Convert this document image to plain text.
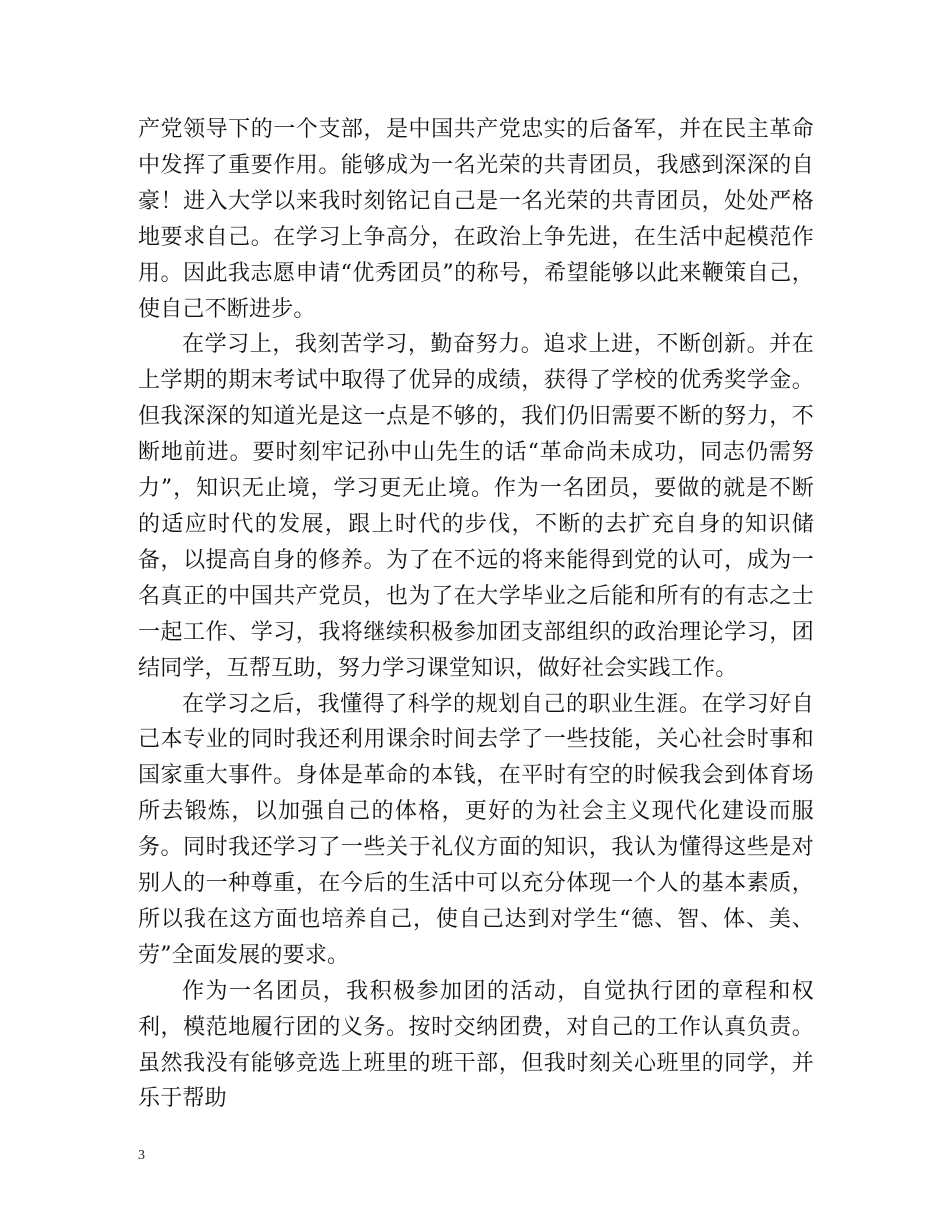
产党领导下的一个支部，是中国共产党忠实的后备军，并在民主革命中发挥了重要作用。能够成为一名光荣的共青团员，我感到深深的自豪！进入大学以来我时刻铭记自己是一名光荣的共青团员，处处严格地要求自己。在学习上争高分，在政治上争先进，在生活中起模范作用。因此我志愿申请“优秀团员”的称号，希望能够以此来鞭策自己，使自己不断进步。

在学习上，我刻苦学习，勤奋努力。追求上进，不断创新。并在上学期的期末考试中取得了优异的成绩，获得了学校的优秀奖学金。但我深深的知道光是这一点是不够的，我们仍旧需要不断的努力，不断地前进。要时刻牢记孙中山先生的话“革命尚未成功，同志仍需努力”，知识无止境，学习更无止境。作为一名团员，要做的就是不断的适应时代的发展，跟上时代的步伐，不断的去扩充自身的知识储备，以提高自身的修养。为了在不远的将来能得到党的认可，成为一名真正的中国共产党员，也为了在大学毕业之后能和所有的有志之士一起工作、学习，我将继续积极参加团支部组织的政治理论学习，团结同学，互帮互助，努力学习课堂知识，做好社会实践工作。

在学习之后，我懂得了科学的规划自己的职业生涯。在学习好自己本专业的同时我还利用课余时间去学了一些技能，关心社会时事和国家重大事件。身体是革命的本钱，在平时有空的时候我会到体育场所去锻炼，以加强自己的体格，更好的为社会主义现代化建设而服务。同时我还学习了一些关于礼仪方面的知识，我认为懂得这些是对别人的一种尊重，在今后的生活中可以充分体现一个人的基本素质，所以我在这方面也培养自己，使自己达到对学生“德、智、体、美、劳”全面发展的要求。

作为一名团员，我积极参加团的活动，自觉执行团的章程和权利，模范地履行团的义务。按时交纳团费，对自己的工作认真负责。虽然我没有能够竞选上班里的班干部，但我时刻关心班里的同学，并乐于帮助

3
